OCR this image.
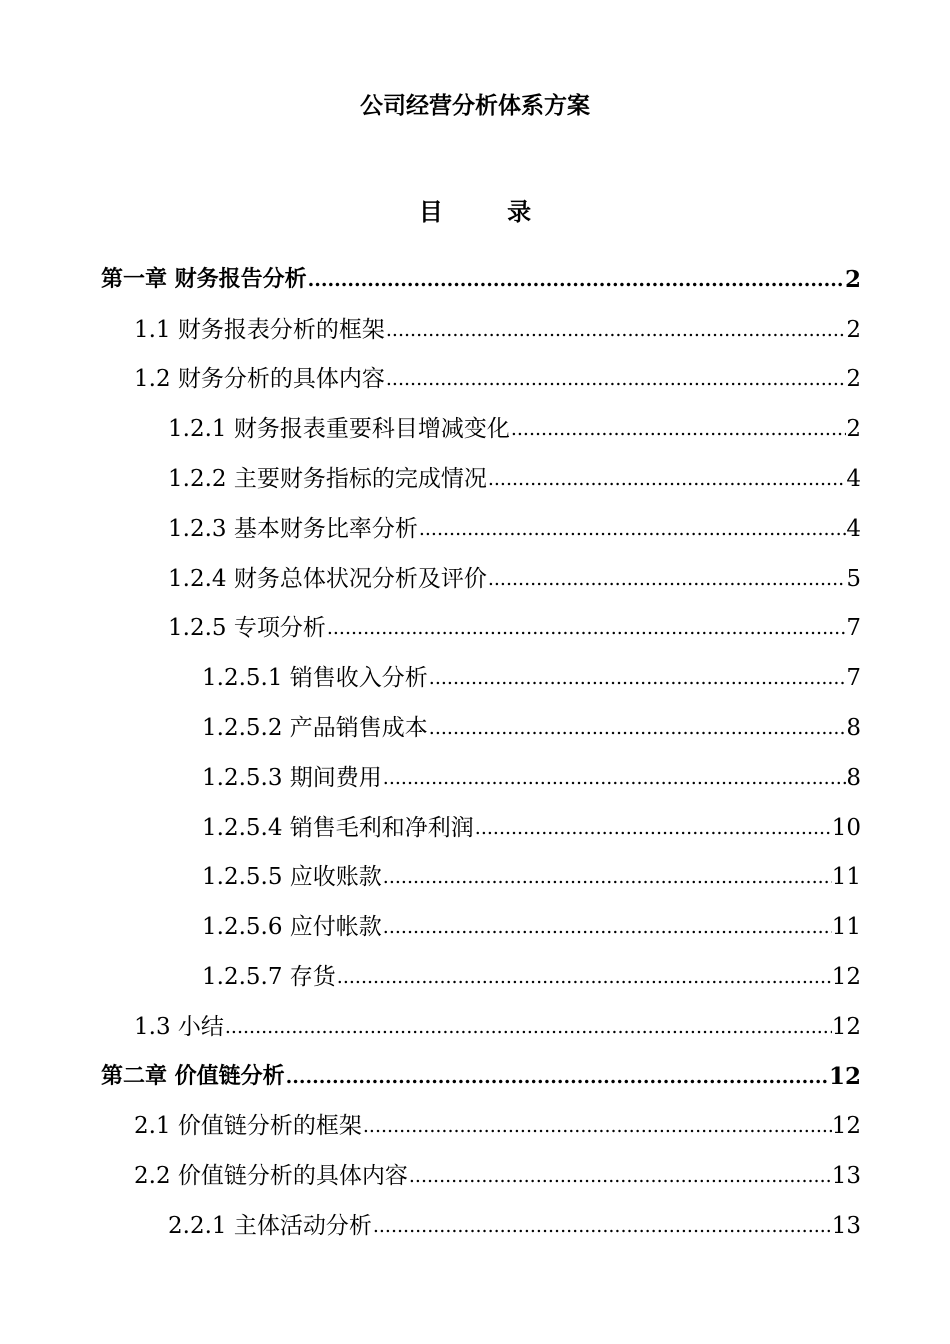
公司经营分析体系方案
目 录
第一章 财务报告分析 .....	2
1.1 财务报表分析的框架 .....	2
1.2 财务分析的具体内容 .....	2
1.2.1 财务报表重要科目增减变化 .....	2
1.2.2 主要财务指标的完成情况 .....	4
1.2.3 基本财务比率分析 .....	4
1.2.4 财务总体状况分析及评价 .....	5
1.2.5 专项分析 .....	7
1.2.5.1 销售收入分析 .....	7
1.2.5.2 产品销售成本 .....	8
1.2.5.3 期间费用 .....	8
1.2.5.4 销售毛利和净利润 .....	10
1.2.5.5 应收账款 .....	11
1.2.5.6 应付帐款 .....	11
1.2.5.7 存货 .....	12
1.3 小结 .....	12
第二章 价值链分析 .....	12
2.1 价值链分析的框架 .....	12
2.2 价值链分析的具体内容 .....	13
2.2.1 主体活动分析 .....	13
